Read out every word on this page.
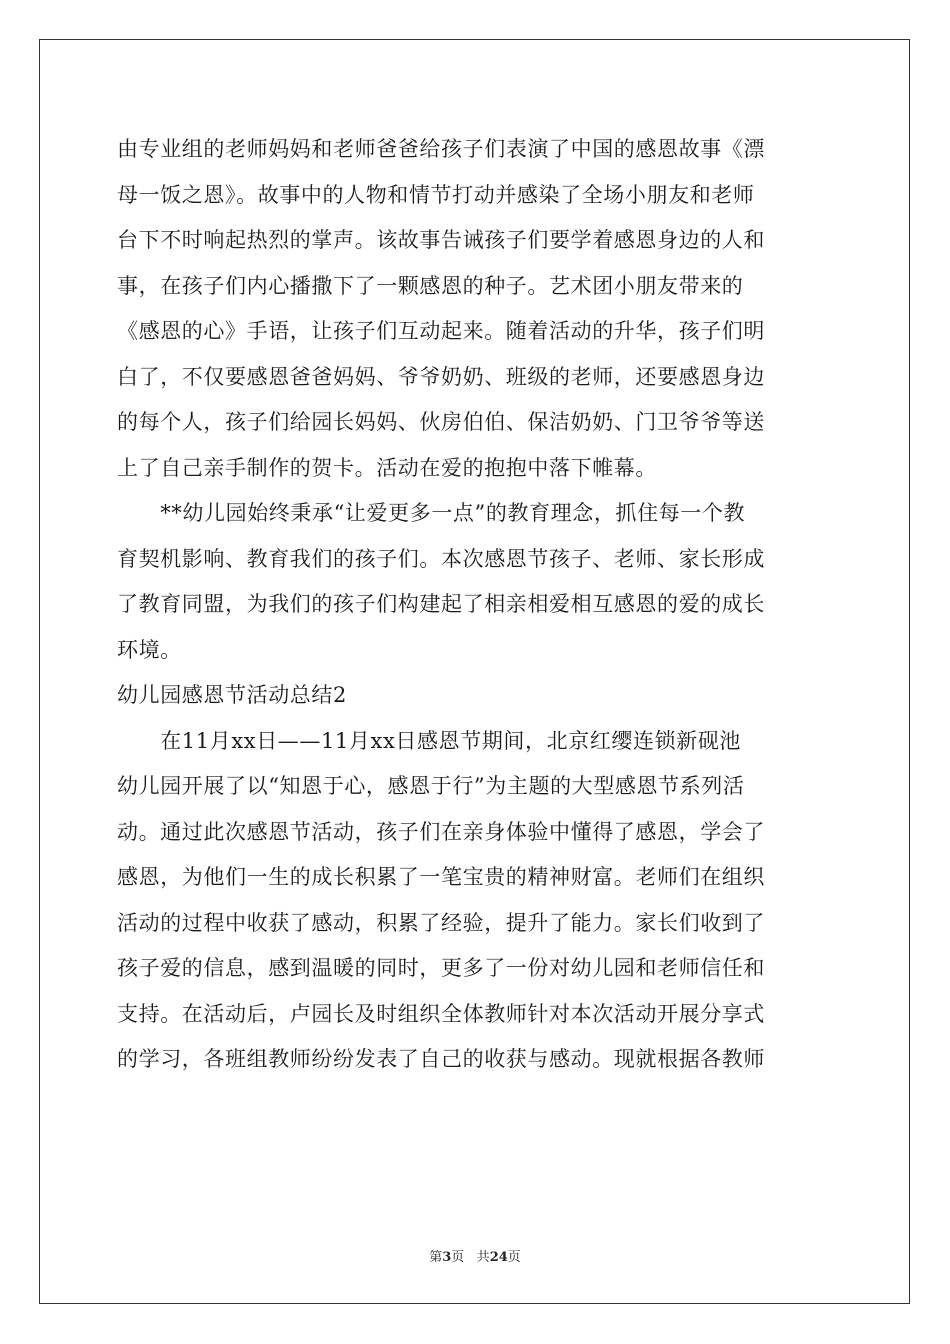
由专业组的老师妈妈和老师爸爸给孩子们表演了中国的感恩故事《漂
母一饭之恩》。故事中的人物和情节打动并感染了全场小朋友和老师
台下不时响起热烈的掌声。该故事告诫孩子们要学着感恩身边的人和
事，在孩子们内心播撒下了一颗感恩的种子。艺术团小朋友带来的
《感恩的心》手语，让孩子们互动起来。随着活动的升华，孩子们明
白了，不仅要感恩爸爸妈妈、爷爷奶奶、班级的老师，还要感恩身边
的每个人，孩子们给园长妈妈、伙房伯伯、保洁奶奶、门卫爷爷等送
上了自己亲手制作的贺卡。活动在爱的抱抱中落下帷幕。
　　**幼儿园始终秉承“让爱更多一点”的教育理念，抓住每一个教
育契机影响、教育我们的孩子们。本次感恩节孩子、老师、家长形成
了教育同盟，为我们的孩子们构建起了相亲相爱相互感恩的爱的成长
环境。
幼儿园感恩节活动总结2
　　在11月xx日——11月xx日感恩节期间，北京红缨连锁新砚池
幼儿园开展了以“知恩于心，感恩于行”为主题的大型感恩节系列活
动。通过此次感恩节活动，孩子们在亲身体验中懂得了感恩，学会了
感恩，为他们一生的成长积累了一笔宝贵的精神财富。老师们在组织
活动的过程中收获了感动，积累了经验，提升了能力。家长们收到了
孩子爱的信息，感到温暖的同时，更多了一份对幼儿园和老师信任和
支持。在活动后，卢园长及时组织全体教师针对本次活动开展分享式
的学习，各班组教师纷纷发表了自己的收获与感动。现就根据各教师
第3页 共24页
